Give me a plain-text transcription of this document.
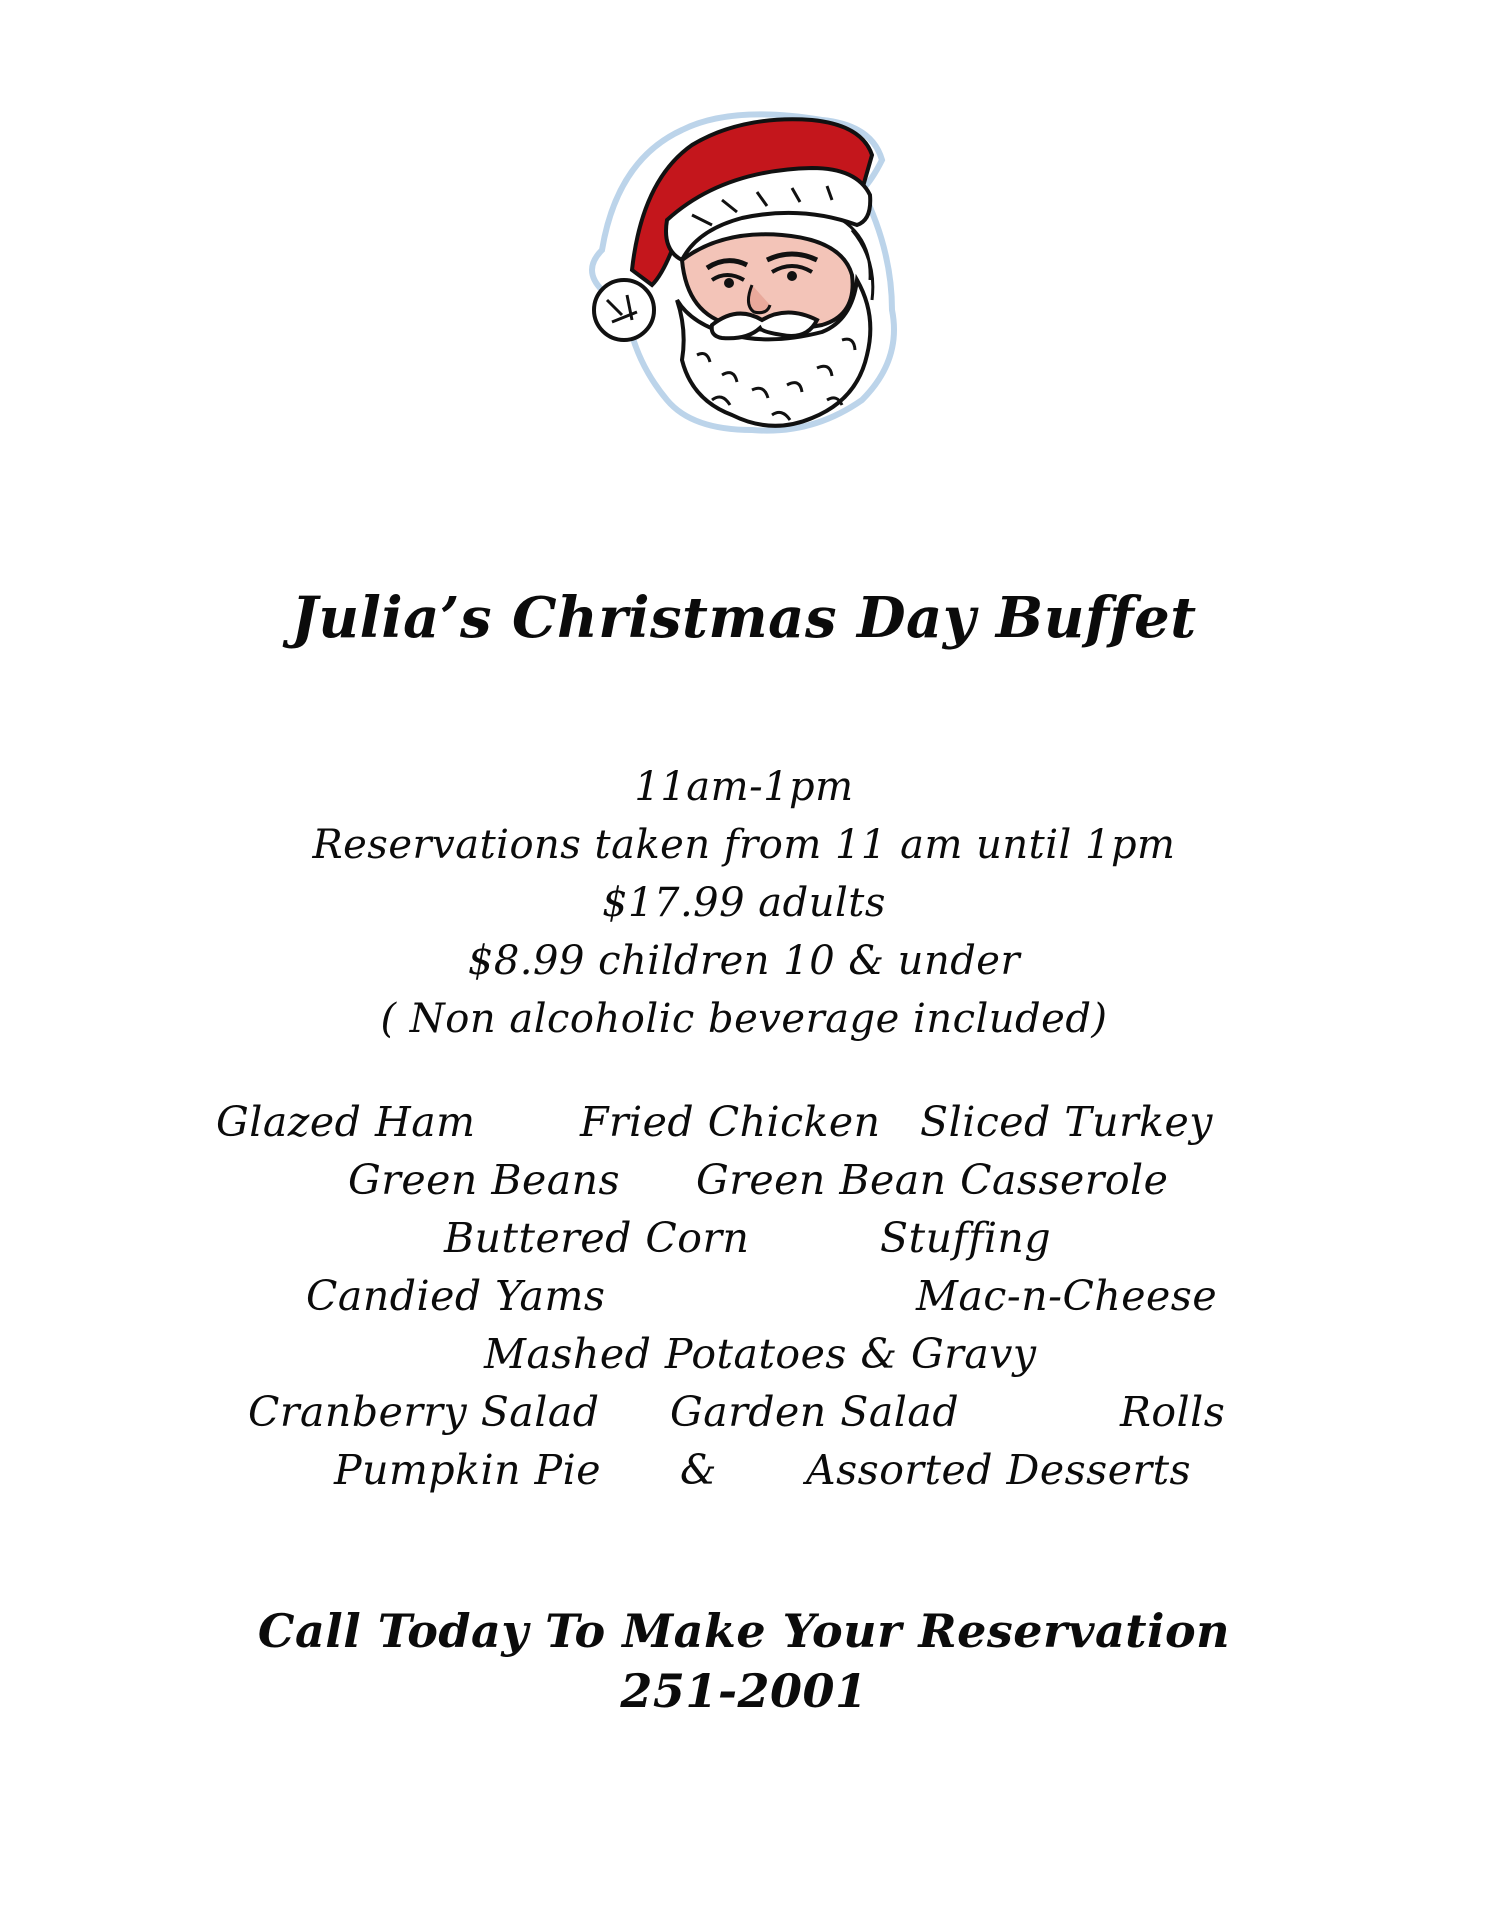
Julia’s Christmas Day Buffet
11am-1pm
Reservations taken from 11 am until 1pm
$17.99 adults
$8.99 children 10 & under
( Non alcoholic beverage included)
Glazed Ham	Fried Chicken Sliced Turkey
Green Beans Green Bean Casserole
Buttered Corn	Stuffing
Candied Yams	Mac-n-Cheese
Mashed Potatoes & Gravy
Cranberry Salad Garden Salad	Rolls
Pumpkin Pie & Assorted Desserts
Call Today To Make Your Reservation
251-2001
